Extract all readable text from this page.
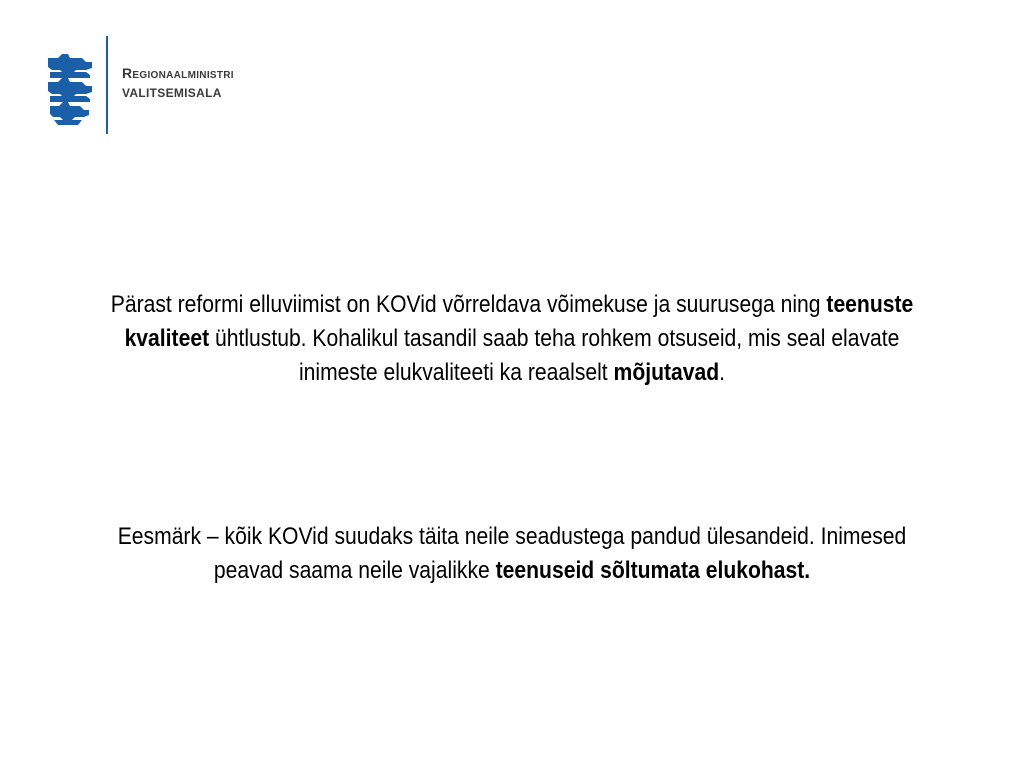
Regionaalministri
VALITSEMISALA
Pärast reformi elluviimist on KOVid võrreldava võimekuse ja suurusega ning teenuste kvaliteet ühtlustub. Kohalikul tasandil saab teha rohkem otsuseid, mis seal elavate inimeste elukvaliteeti ka reaalselt mõjutavad.
Eesmärk – kõik KOVid suudaks täita neile seadustega pandud ülesandeid. Inimesed peavad saama neile vajalikke teenuseid sõltumata elukohast.
